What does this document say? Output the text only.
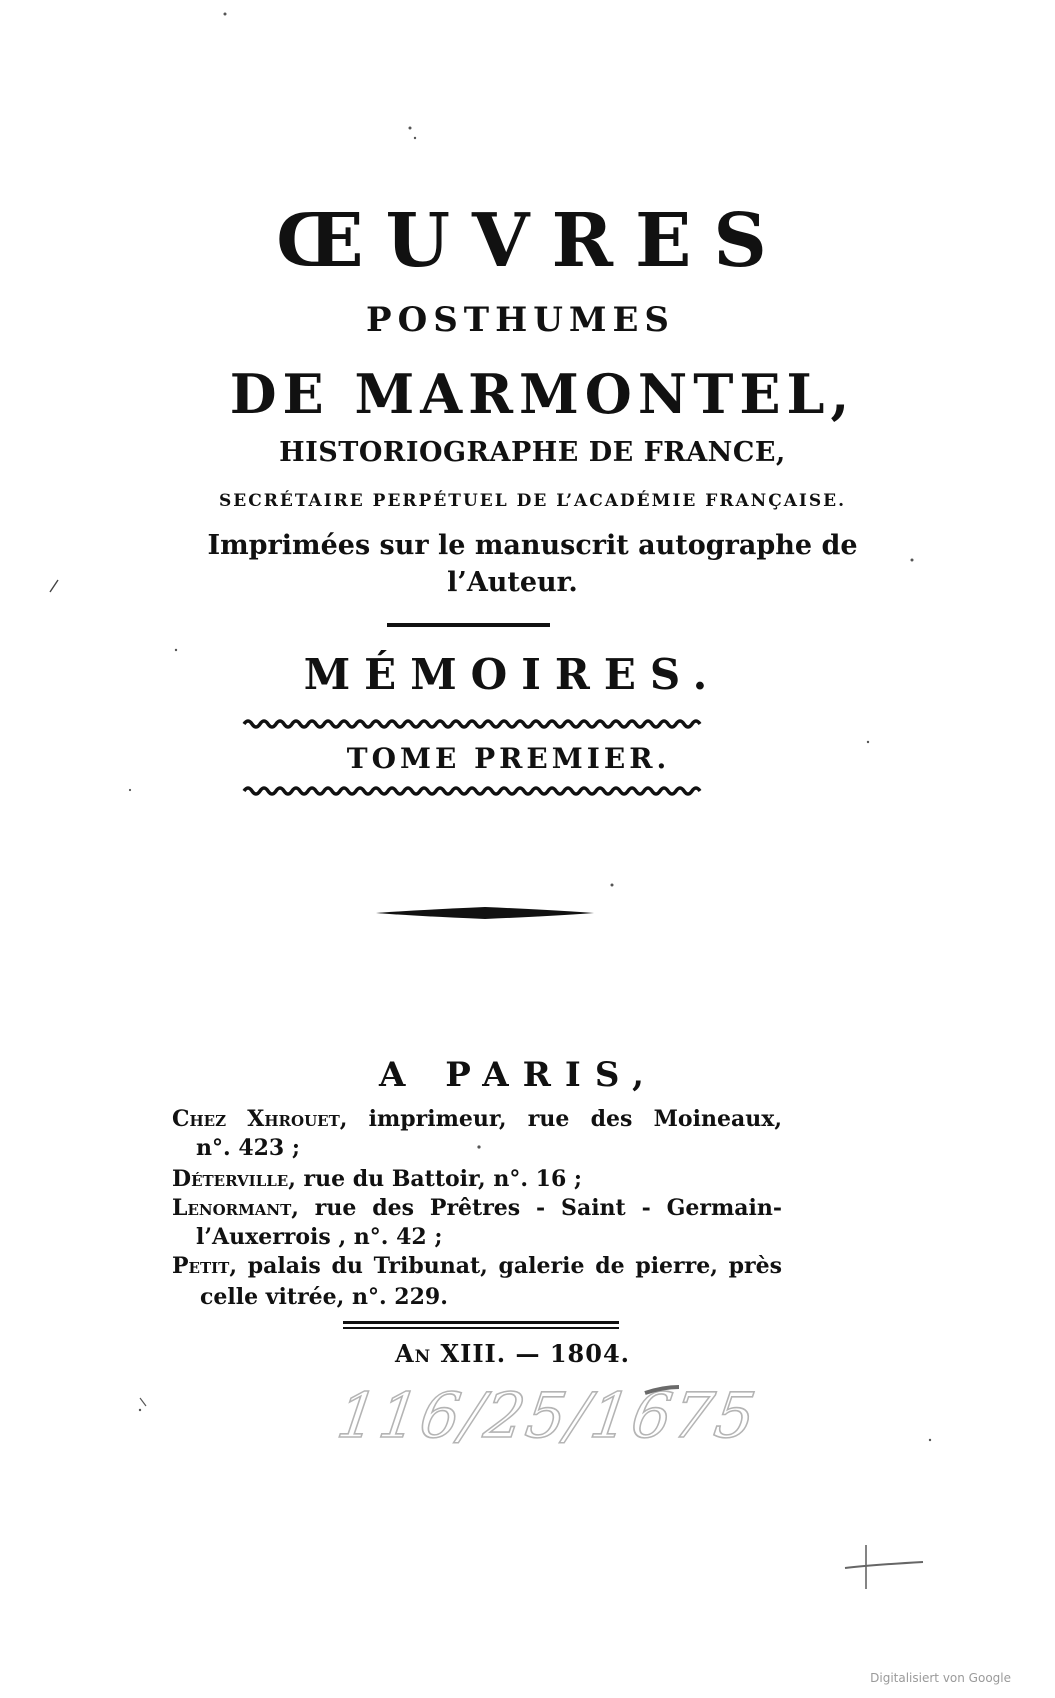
ŒUVRES
POSTHUMES
DE MARMONTEL,
HISTORIOGRAPHE DE FRANCE,
SECRÉTAIRE PERPÉTUEL DE L’ACADÉMIE FRANÇAISE.
Imprimées sur le manuscrit autographe de
l’Auteur.
MÉMOIRES.
TOME PREMIER.
A PARIS,
Chez Xhrouet, imprimeur, rue des Moineaux,
n°. 423 ;
Déterville, rue du Battoir, n°. 16 ;
Lenormant, rue des Prêtres - Saint - Germain-
l’Auxerrois , n°. 42 ;
Petit, palais du Tribunat, galerie de pierre, près
celle vitrée, n°. 229.
An XIII. — 1804.
116/25/1675
Digitalisiert von Google
